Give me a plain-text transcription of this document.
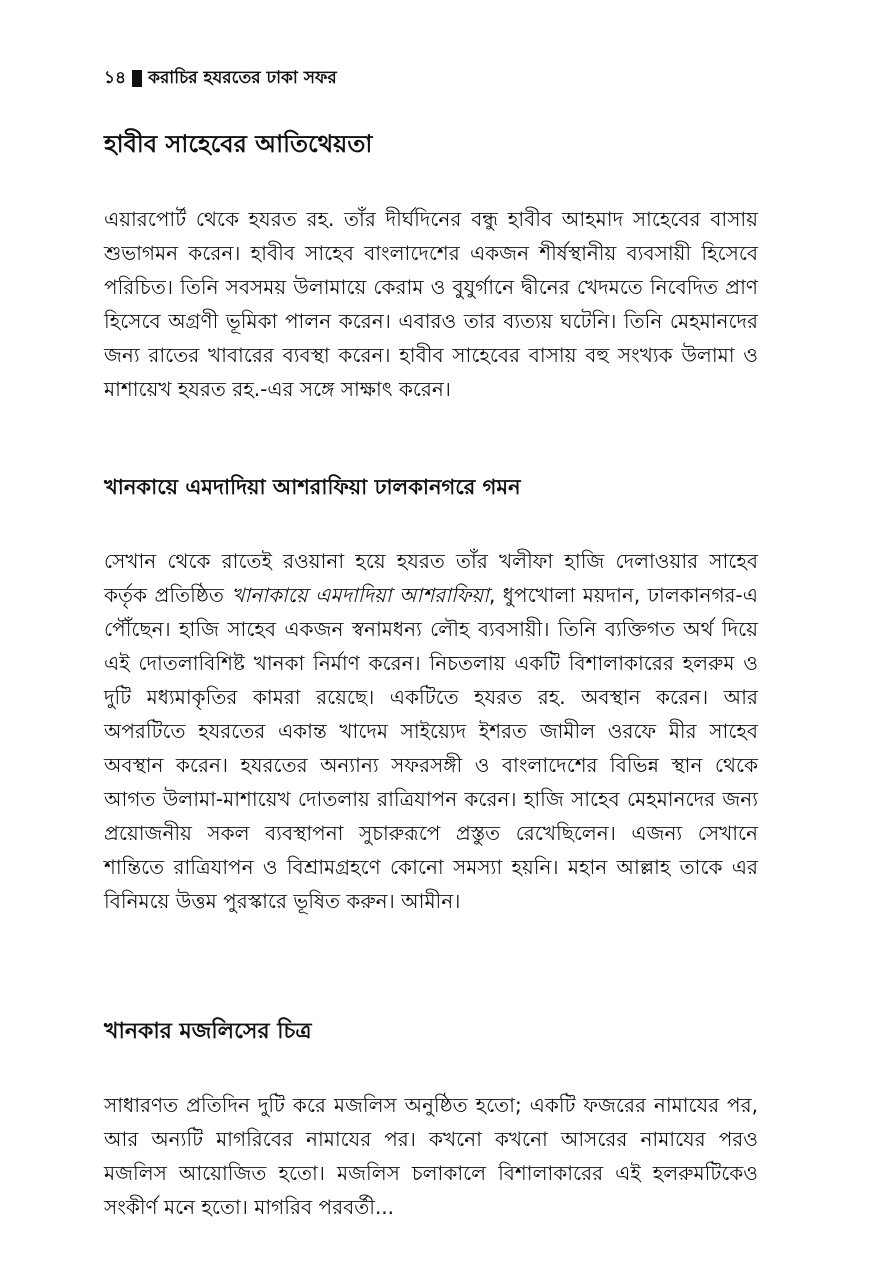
১৪ করাচির হযরতের ঢাকা সফর
হাবীব সাহেবের আতিথেয়তা

এয়ারপোর্ট থেকে হযরত রহ. তাঁর দীর্ঘদিনের বন্ধু হাবীব আহমাদ সাহেবের বাসায় শুভাগমন করেন। হাবীব সাহেব বাংলাদেশের একজন শীর্ষস্থানীয় ব্যবসায়ী হিসেবে পরিচিত। তিনি সবসময় উলামায়ে কেরাম ও বুযুর্গানে দ্বীনের খেদমতে নিবেদিত প্রাণ হিসেবে অগ্রণী ভূমিকা পালন করেন। এবারও তার ব্যত্যয় ঘটেনি। তিনি মেহমানদের জন্য রাতের খাবারের ব্যবস্থা করেন। হাবীব সাহেবের বাসায় বহু সংখ্যক উলামা ও মাশায়েখ হযরত রহ.-এর সঙ্গে সাক্ষাৎ করেন।

খানকায়ে এমদাদিয়া আশরাফিয়া ঢালকানগরে গমন

সেখান থেকে রাতেই রওয়ানা হয়ে হযরত তাঁর খলীফা হাজি দেলাওয়ার সাহেব কর্তৃক প্রতিষ্ঠিত খানাকায়ে এমদাদিয়া আশরাফিয়া, ধুপখোলা ময়দান, ঢালকানগর-এ পৌঁছেন। হাজি সাহেব একজন স্বনামধন্য লৌহ ব্যবসায়ী। তিনি ব্যক্তিগত অর্থ দিয়ে এই দোতলাবিশিষ্ট খানকা নির্মাণ করেন। নিচতলায় একটি বিশালাকারের হলরুম ও দুটি মধ্যমাকৃতির কামরা রয়েছে। একটিতে হযরত রহ. অবস্থান করেন। আর অপরটিতে হযরতের একান্ত খাদেম সাইয়্যেদ ইশরত জামীল ওরফে মীর সাহেব অবস্থান করেন। হযরতের অন্যান্য সফরসঙ্গী ও বাংলাদেশের বিভিন্ন স্থান থেকে আগত উলামা-মাশায়েখ দোতলায় রাত্রিযাপন করেন। হাজি সাহেব মেহমানদের জন্য প্রয়োজনীয় সকল ব্যবস্থাপনা সুচারুরূপে প্রস্তুত রেখেছিলেন। এজন্য সেখানে শান্তিতে রাত্রিযাপন ও বিশ্রামগ্রহণে কোনো সমস্যা হয়নি। মহান আল্লাহ তাকে এর বিনিময়ে উত্তম পুরস্কারে ভূষিত করুন। আমীন।

খানকার মজলিসের চিত্র

সাধারণত প্রতিদিন দুটি করে মজলিস অনুষ্ঠিত হতো; একটি ফজরের নামাযের পর, আর অন্যটি মাগরিবের নামাযের পর। কখনো কখনো আসরের নামাযের পরও মজলিস আয়োজিত হতো। মজলিস চলাকালে বিশালাকারের এই হলরুমটিকেও সংকীর্ণ মনে হতো। মাগরিব পরবর্তী...
